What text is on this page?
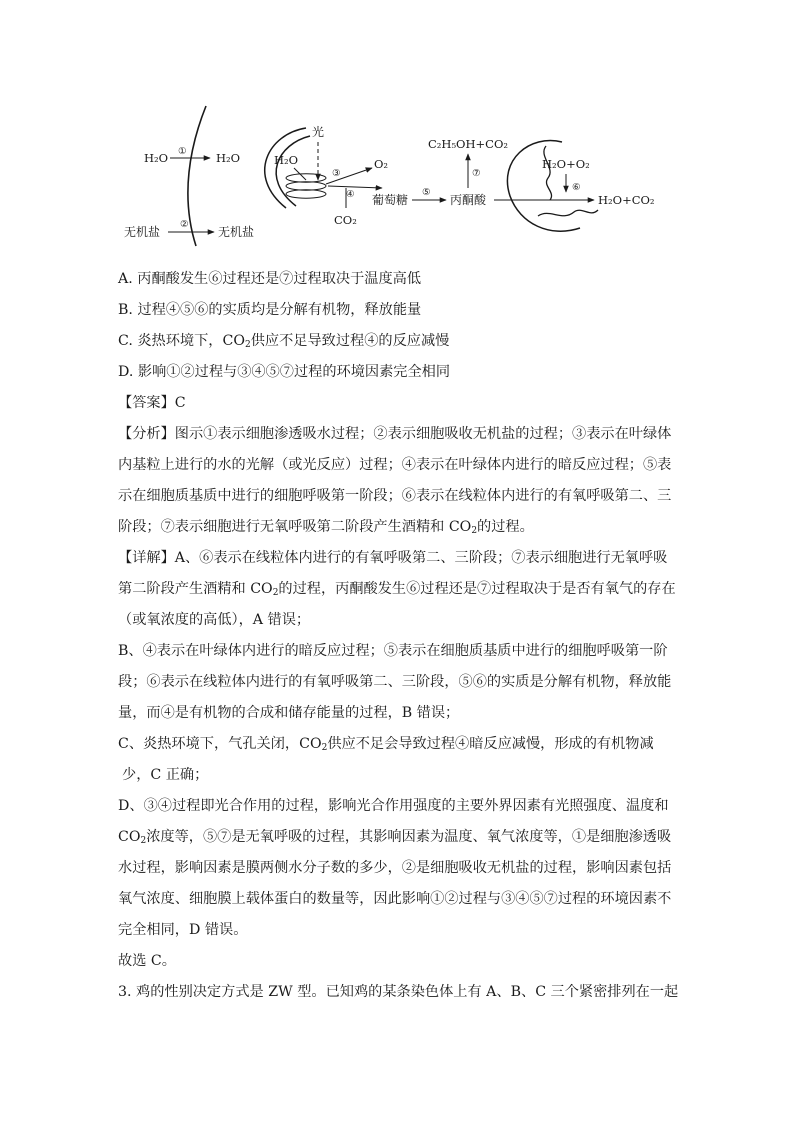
H₂O ①	H₂O
无机盐
②
无机盐
光
H₂O
③
O₂
④
CO₂
葡萄糖
⑤
丙酮酸
⑦
C₂H₅OH+CO₂
H₂O+O₂
⑥
H₂O+CO₂
A. 丙酮酸发生⑥过程还是⑦过程取决于温度高低
B. 过程④⑤⑥的实质均是分解有机物，释放能量
C. 炎热环境下，$CO_2$供应不足导致过程④的反应减慢
D. 影响①②过程与③④⑤⑦过程的环境因素完全相同
【答案】C
【分析】图示①表示细胞渗透吸水过程；②表示细胞吸收无机盐的过程；③表示在叶绿体
内基粒上进行的水的光解（或光反应）过程；④表示在叶绿体内进行的暗反应过程；⑤表
示在细胞质基质中进行的细胞呼吸第一阶段；⑥表示在线粒体内进行的有氧呼吸第二、三
阶段；⑦表示细胞进行无氧呼吸第二阶段产生酒精和 $CO_2$的过程。
【详解】A、⑥表示在线粒体内进行的有氧呼吸第二、三阶段；⑦表示细胞进行无氧呼吸
第二阶段产生酒精和 $CO_2$的过程，丙酮酸发生⑥过程还是⑦过程取决于是否有氧气的存在
（或氧浓度的高低），A 错误；
B、④表示在叶绿体内进行的暗反应过程；⑤表示在细胞质基质中进行的细胞呼吸第一阶
段；⑥表示在线粒体内进行的有氧呼吸第二、三阶段，⑤⑥的实质是分解有机物，释放能
量，而④是有机物的合成和储存能量的过程，B 错误；
C、炎热环境下，气孔关闭，$CO_2$供应不足会导致过程④暗反应减慢，形成的有机物减
少，C 正确；
D、③④过程即光合作用的过程，影响光合作用强度的主要外界因素有光照强度、温度和
$CO_2$浓度等，⑤⑦是无氧呼吸的过程，其影响因素为温度、氧气浓度等，①是细胞渗透吸
水过程，影响因素是膜两侧水分子数的多少，②是细胞吸收无机盐的过程，影响因素包括
氧气浓度、细胞膜上载体蛋白的数量等，因此影响①②过程与③④⑤⑦过程的环境因素不
完全相同，D 错误。
故选 C。
3. 鸡的性别决定方式是 ZW 型。已知鸡的某条染色体上有 A、B、C 三个紧密排列在一起
